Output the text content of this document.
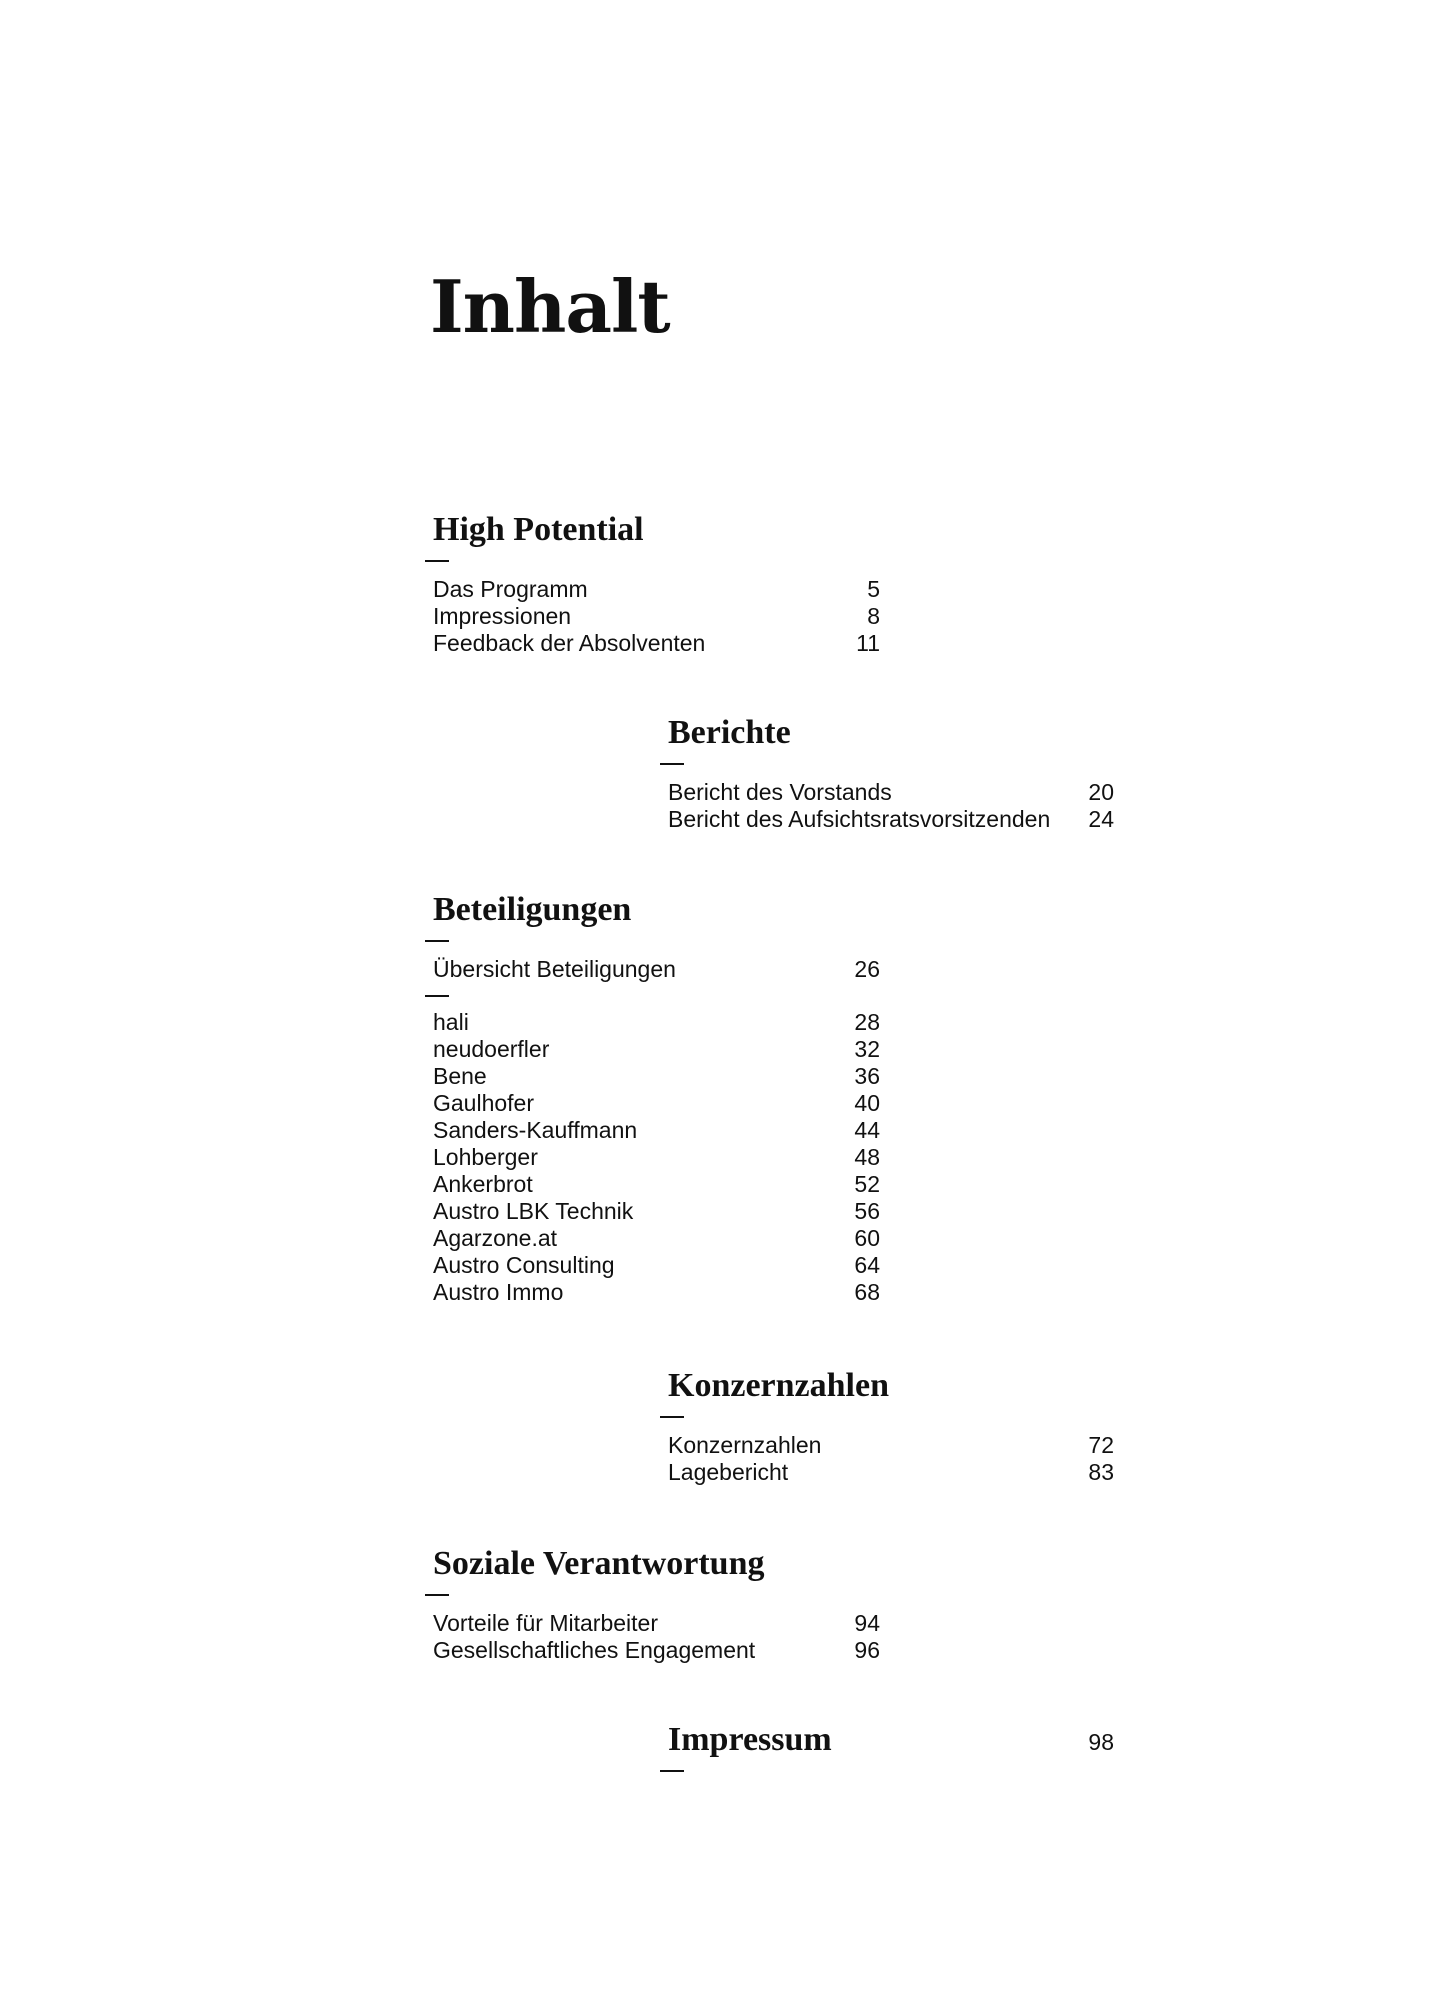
Inhalt
High Potential
Das Programm	5
Impressionen	8
Feedback der Absolventen	11
Berichte
Bericht des Vorstands	20
Bericht des Aufsichtsratsvorsitzenden 24
Beteiligungen
Übersicht Beteiligungen	26
hali	28
neudoerfler	32
Bene	36
Gaulhofer	40
Sanders-Kauffmann	44
Lohberger	48
Ankerbrot	52
Austro LBK Technik	56
Agarzone.at	60
Austro Consulting	64
Austro Immo	68
Konzernzahlen
Konzernzahlen	72
Lagebericht	83
Soziale Verantwortung
Vorteile für Mitarbeiter	94
Gesellschaftliches Engagement	96
Impressum	98
